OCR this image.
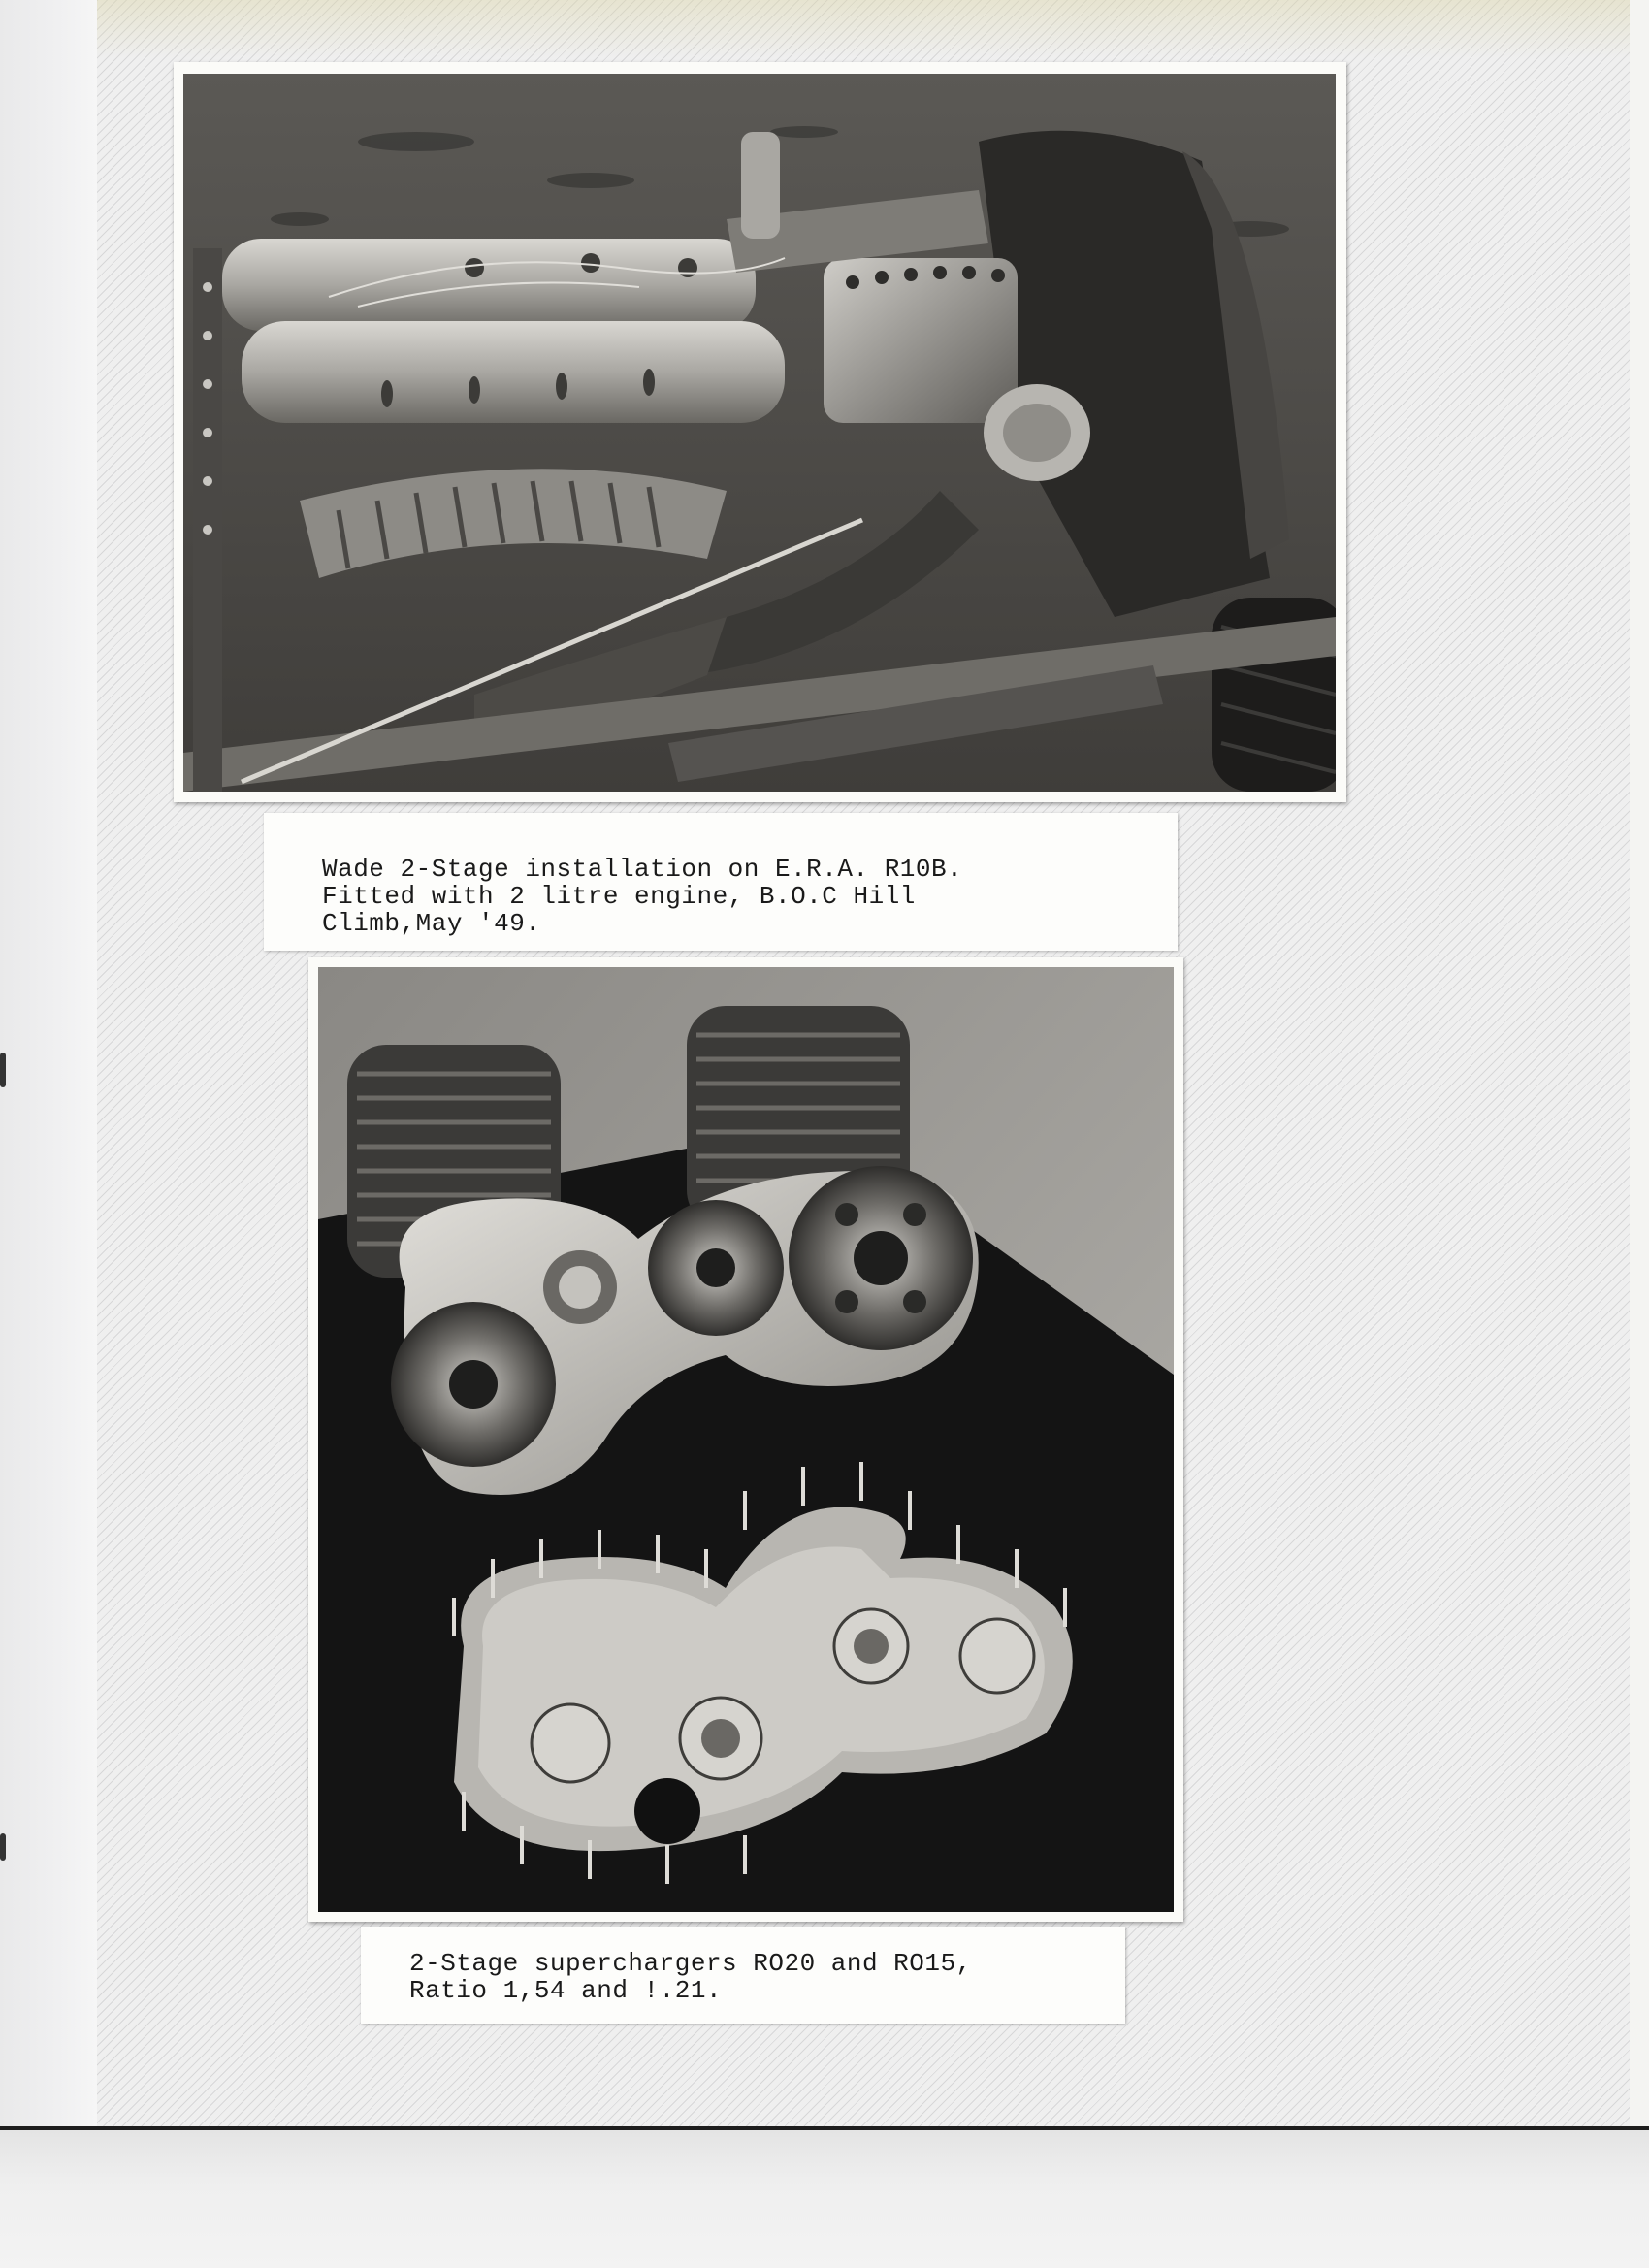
Wade 2-Stage installation on E.R.A. R10B.
Fitted with 2 litre engine, B.O.C Hill
Climb,May '49.
2-Stage superchargers RO20 and RO15,
Ratio 1,54 and !.21.
